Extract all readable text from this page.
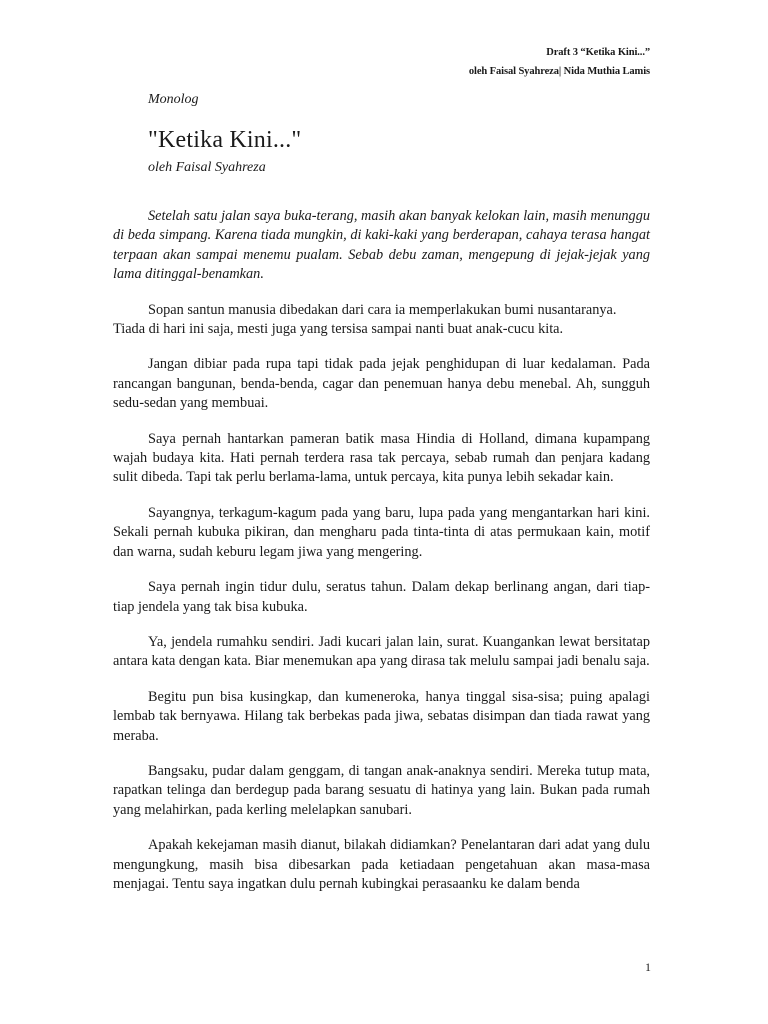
Draft 3 “Ketika Kini...”
oleh Faisal Syahreza| Nida Muthia Lamis
Monolog
"Ketika Kini..."
oleh Faisal Syahreza

Setelah satu jalan saya buka-terang, masih akan banyak kelokan lain, masih menunggu di beda simpang. Karena tiada mungkin, di kaki-kaki yang berderapan, cahaya terasa hangat terpaan akan sampai menemu pualam. Sebab debu zaman, mengepung di jejak-jejak yang lama ditinggal-benamkan.

Sopan santun manusia dibedakan dari cara ia memperlakukan bumi nusantaranya. Tiada di hari ini saja, mesti juga yang tersisa sampai nanti buat anak-cucu kita.

Jangan dibiar pada rupa tapi tidak pada jejak penghidupan di luar kedalaman. Pada rancangan bangunan, benda-benda, cagar dan penemuan hanya debu menebal. Ah, sungguh sedu-sedan yang membuai.

Saya pernah hantarkan pameran batik masa Hindia di Holland, dimana kupampang wajah budaya kita. Hati pernah terdera rasa tak percaya, sebab rumah dan penjara kadang sulit dibeda. Tapi tak perlu berlama-lama, untuk percaya, kita punya lebih sekadar kain.

Sayangnya, terkagum-kagum pada yang baru, lupa pada yang mengantarkan hari kini. Sekali pernah kubuka pikiran, dan mengharu pada tinta-tinta di atas permukaan kain, motif dan warna, sudah keburu legam jiwa yang mengering.

Saya pernah ingin tidur dulu, seratus tahun. Dalam dekap berlinang angan, dari tiap-tiap jendela yang tak bisa kubuka.

Ya, jendela rumahku sendiri. Jadi kucari jalan lain, surat. Kuangankan lewat bersitatap antara kata dengan kata. Biar menemukan apa yang dirasa tak melulu sampai jadi benalu saja.

Begitu pun bisa kusingkap, dan kumeneroka, hanya tinggal sisa-sisa; puing apalagi lembab tak bernyawa. Hilang tak berbekas pada jiwa, sebatas disimpan dan tiada rawat yang meraba.

Bangsaku, pudar dalam genggam, di tangan anak-anaknya sendiri. Mereka tutup mata, rapatkan telinga dan berdegup pada barang sesuatu di hatinya yang lain. Bukan pada rumah yang melahirkan, pada kerling melelapkan sanubari.

Apakah kekejaman masih dianut, bilakah didiamkan? Penelantaran dari adat yang dulu mengungkung, masih bisa dibesarkan pada ketiadaan pengetahuan akan masa-masa menjagai. Tentu saya ingatkan dulu pernah kubingkai perasaanku ke dalam benda

1
